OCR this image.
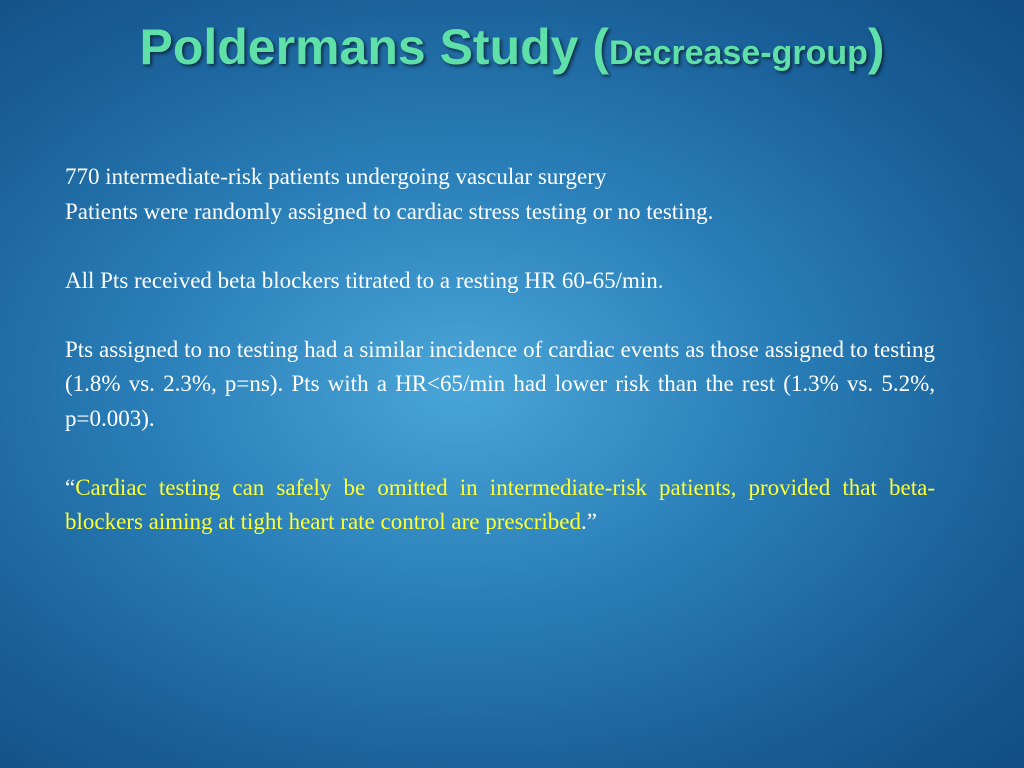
Poldermans Study (Decrease-group)

770 intermediate-risk patients undergoing vascular surgery

Patients were randomly assigned to cardiac stress testing or no testing.

All Pts received beta blockers titrated to a resting HR 60-65/min.

Pts assigned to no testing had a similar incidence of cardiac events as those assigned to testing (1.8% vs. 2.3%, p=ns). Pts with a HR<65/min had lower risk than the rest (1.3% vs. 5.2%, p=0.003).

“Cardiac testing can safely be omitted in intermediate-risk patients, provided that beta-blockers aiming at tight heart rate control are prescribed.”
